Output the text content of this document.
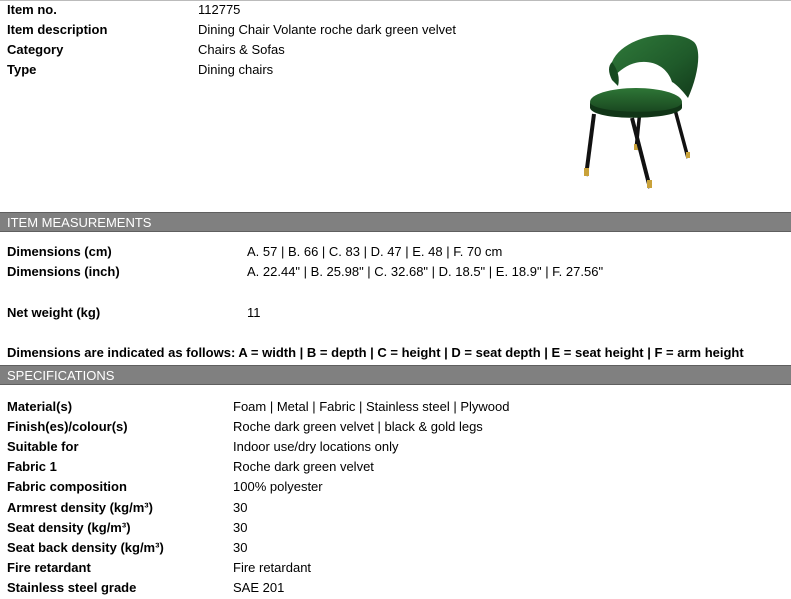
Item no.	112775
Item description	Dining Chair Volante roche dark green velvet
Category	Chairs & Sofas
Type	Dining chairs
ITEM MEASUREMENTS
Dimensions (cm)	A. 57 | B. 66 | C. 83 | D. 47 | E. 48 | F. 70 cm
Dimensions (inch)	A. 22.44" | B. 25.98" | C. 32.68" | D. 18.5" | E. 18.9" | F. 27.56"
Net weight (kg)	11
Dimensions are indicated as follows: A = width | B = depth | C = height | D = seat depth | E = seat height | F = arm height
SPECIFICATIONS
Material(s)	Foam | Metal | Fabric | Stainless steel | Plywood
Finish(es)/colour(s)	Roche dark green velvet | black & gold legs
Suitable for	Indoor use/dry locations only
Fabric 1	Roche dark green velvet
Fabric composition	100% polyester
Armrest density (kg/m³)	30
Seat density (kg/m³)	30
Seat back density (kg/m³)	30
Fire retardant	Fire retardant
Stainless steel grade	SAE 201
